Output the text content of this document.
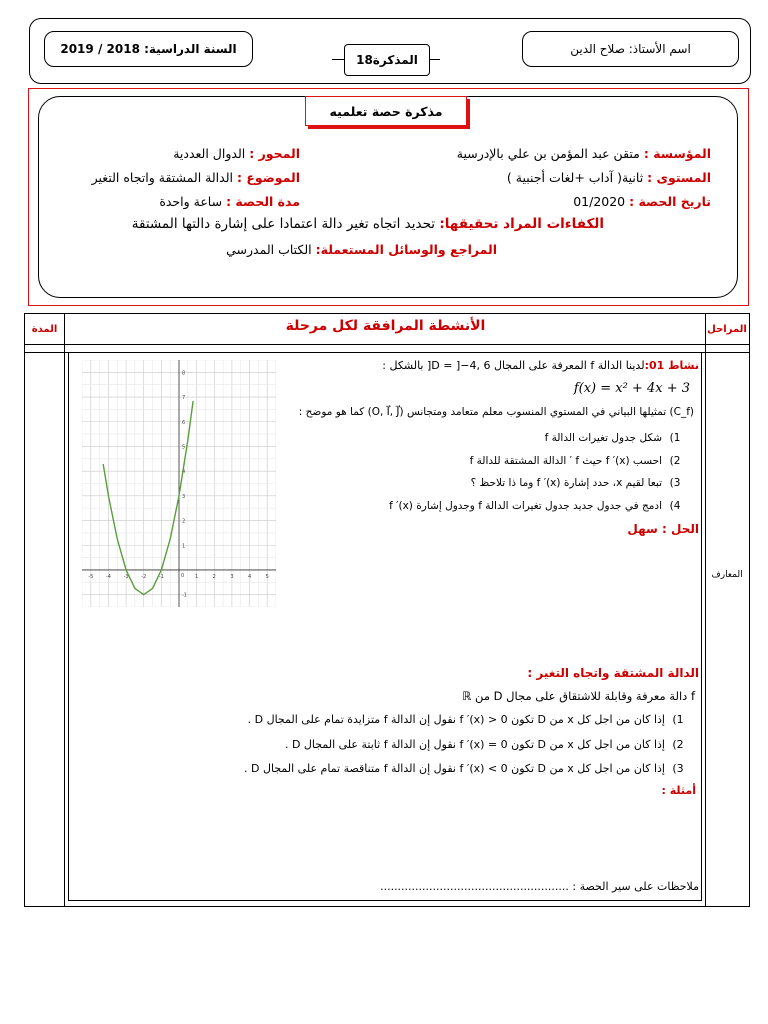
اسم الأستاذ: صلاح الدين
السنة الدراسية: 2018 / 2019
المذكرة18
مذكرة حصة تعلميه
المؤسسة : متقن عبد المؤمن بن علي بالإدرسية
المحور : الدوال العددية
المستوى : ثانية( آداب +لغات أجنبية )
الموضوع : الدالة المشتقة واتجاه التغير
تاريخ الحصة : 01/2020
مدة الحصة : ساعة واحدة
الكفاءات المراد تحقيقها: تحديد اتجاه تغير دالة اعتمادا على إشارة دالتها المشتقة
المراجع والوسائل المستعملة: الكتاب المدرسي
المراحل
المدة	الأنشطة المرافقة لكل مرحلة
المعارف
نشاط 01:لدينا الدالة f المعرفة على المجال D = ]−4, 6[ بالشكل :
f(x) = x² + 4x + 3
(C_f) تمثيلها البياني في المستوي المنسوب معلم متعامد ومتجانس (O, I⃗, J⃗) كما هو موضح :
1)شكل جدول تغيرات الدالة f
2)احسب f ′(x) حيث f ′ الدالة المشتقة للدالة f
3)تبعا لقيم x، حدد إشارة f ′(x) وما ذا تلاحظ ؟
4)ادمج في جدول جديد جدول تغيرات الدالة f وجدول إشارة f ′(x)
الحل : سهل
-5	-4	-3	-2	-1	1	2	3	4	5
8
7
6
5
4
3
2
1
-1
0
الدالة المشتقة واتجاه التغير :
f دالة معرفة وقابلة للاشتقاق على مجال D من ℝ
1)إذا كان من اجل كل x من D تكون f ′(x) > 0 نقول إن الدالة f متزايدة تمام على المجال D .
2)إذا كان من اجل كل x من D تكون f ′(x) = 0 نقول إن الدالة f ثابتة على المجال D .
3)إذا كان من اجل كل x من D تكون f ′(x) < 0 نقول إن الدالة f متناقصة تمام على المجال D .
أمثلة :
ملاحظات على سير الحصة : ......................................................
